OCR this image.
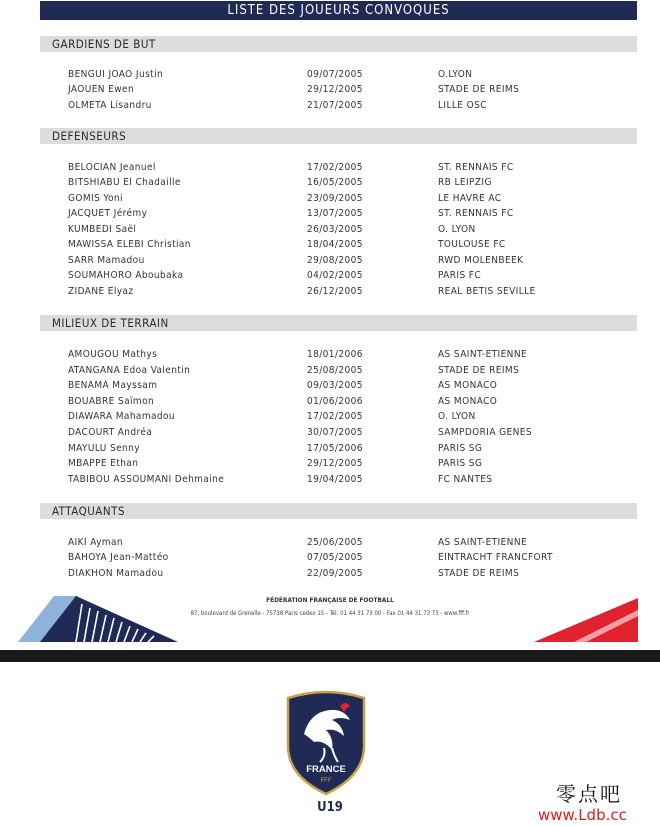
LISTE DES JOUEURS CONVOQUES
GARDIENS DE BUT
BENGUI JOAO Justin	09/07/2005	O.LYON
JAOUEN Ewen	29/12/2005	STADE DE REIMS
OLMETA Lisandru	21/07/2005	LILLE OSC
DEFENSEURS
BELOCIAN Jeanuel	17/02/2005	ST. RENNAIS FC
BITSHIABU El Chadaille	16/05/2005	RB LEIPZIG
GOMIS Yoni	23/09/2005	LE HAVRE AC
JACQUET Jérémy	13/07/2005	ST. RENNAIS FC
KUMBEDI Saël	26/03/2005	O. LYON
MAWISSA ELEBI Christian	18/04/2005	TOULOUSE FC
SARR Mamadou	29/08/2005	RWD MOLENBEEK
SOUMAHORO Aboubaka	04/02/2005	PARIS FC
ZIDANE Elyaz	26/12/2005	REAL BETIS SEVILLE
MILIEUX DE TERRAIN
AMOUGOU Mathys	18/01/2006	AS SAINT-ETIENNE
ATANGANA Edoa Valentin	25/08/2005	STADE DE REIMS
BENAMA Mayssam	09/03/2005	AS MONACO
BOUABRE Saïmon	01/06/2006	AS MONACO
DIAWARA Mahamadou	17/02/2005	O. LYON
DACOURT Andréa	30/07/2005	SAMPDORIA GENES
MAYULU Senny	17/05/2006	PARIS SG
MBAPPE Ethan	29/12/2005	PARIS SG
TABIBOU ASSOUMANI Dehmaine	19/04/2005	FC NANTES
ATTAQUANTS
AIKI Ayman	25/06/2005	AS SAINT-ETIENNE
BAHOYA Jean-Mattéo	07/05/2005	EINTRACHT FRANCFORT
DIAKHON Mamadou	22/09/2005	STADE DE REIMS
FÉDÉRATION FRANÇAISE DE FOOTBALL
87, boulevard de Grenelle - 75738 Paris cedex 15 - Tél. 01 44 31 73 00 - Fax 01 44 31 73 73 - www.fff.fr
FRANCE
FFF
U19
零点吧
www.Ldb.cc
